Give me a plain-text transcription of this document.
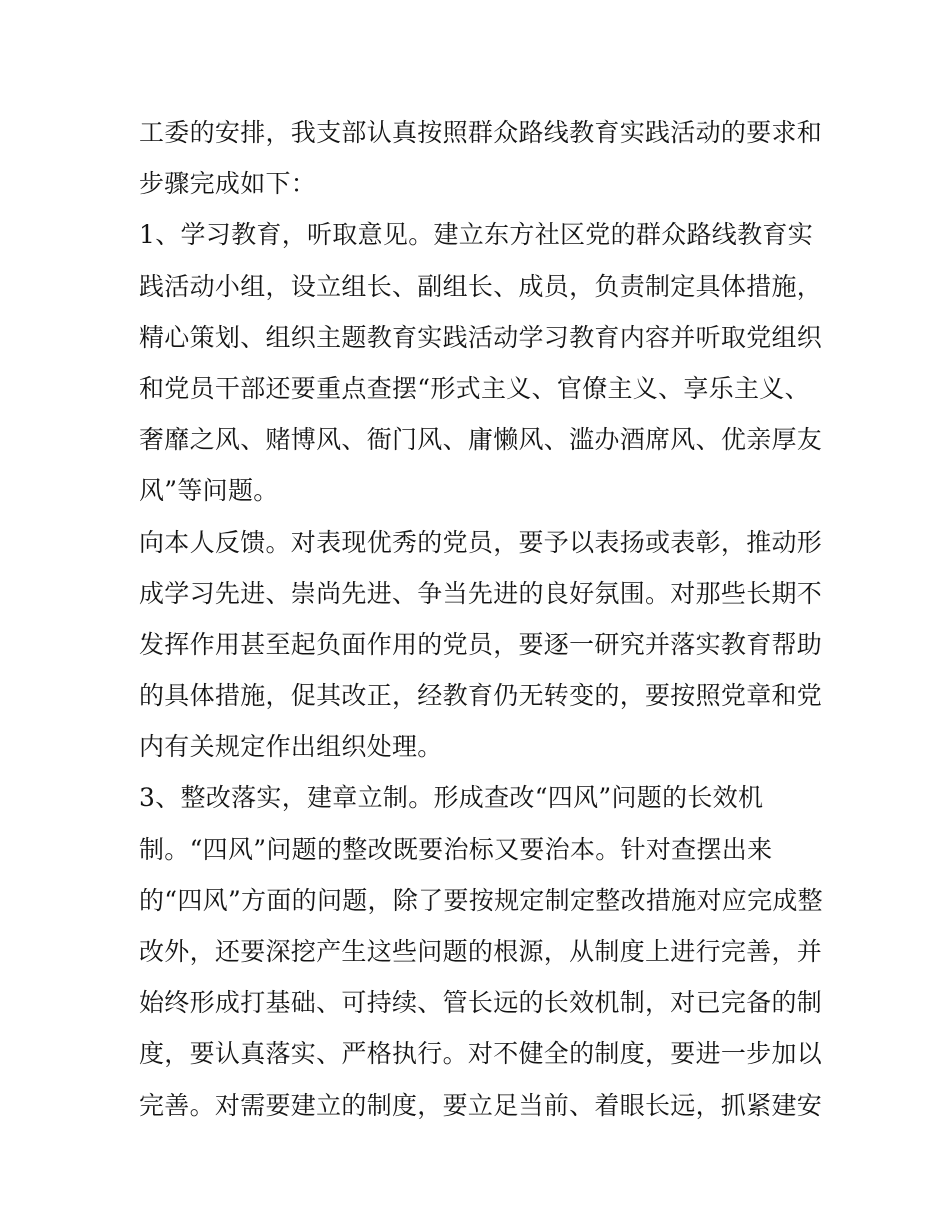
工委的安排，我支部认真按照群众路线教育实践活动的要求和
步骤完成如下：
1、学习教育，听取意见。建立东方社区党的群众路线教育实
践活动小组，设立组长、副组长、成员，负责制定具体措施，
精心策划、组织主题教育实践活动学习教育内容并听取党组织
和党员干部还要重点查摆“形式主义、官僚主义、享乐主义、
奢靡之风、赌博风、衙门风、庸懒风、滥办酒席风、优亲厚友
风”等问题。
向本人反馈。对表现优秀的党员，要予以表扬或表彰，推动形
成学习先进、崇尚先进、争当先进的良好氛围。对那些长期不
发挥作用甚至起负面作用的党员，要逐一研究并落实教育帮助
的具体措施，促其改正，经教育仍无转变的，要按照党章和党
内有关规定作出组织处理。
3、整改落实，建章立制。形成查改“四风”问题的长效机
制。“四风”问题的整改既要治标又要治本。针对查摆出来
的“四风”方面的问题，除了要按规定制定整改措施对应完成整
改外，还要深挖产生这些问题的根源，从制度上进行完善，并
始终形成打基础、可持续、管长远的长效机制，对已完备的制
度，要认真落实、严格执行。对不健全的制度，要进一步加以
完善。对需要建立的制度，要立足当前、着眼长远，抓紧建安
